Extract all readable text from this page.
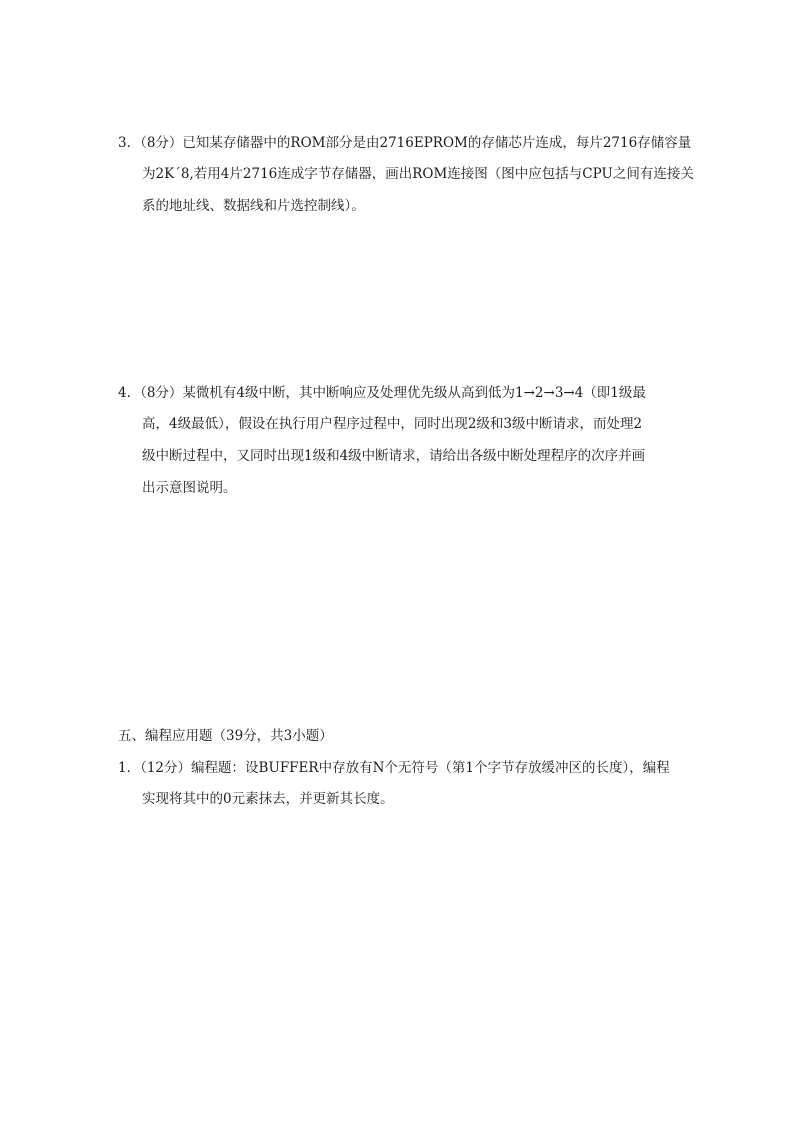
3．（8分）已知某存储器中的ROM部分是由2716EPROM的存储芯片连成，每片2716存储容量
为2K´8,若用4片2716连成字节存储器，画出ROM连接图（图中应包括与CPU之间有连接关
系的地址线、数据线和片选控制线）。
4．（8分）某微机有4级中断，其中断响应及处理优先级从高到低为1→2→3→4（即1级最
高，4级最低），假设在执行用户程序过程中，同时出现2级和3级中断请求，而处理2
级中断过程中，又同时出现1级和4级中断请求，请给出各级中断处理程序的次序并画
出示意图说明。
五、编程应用题（39分，共3小题）
1．（12分）编程题：设BUFFER中存放有N个无符号（第1个字节存放缓冲区的长度），编程
实现将其中的0元素抹去，并更新其长度。
